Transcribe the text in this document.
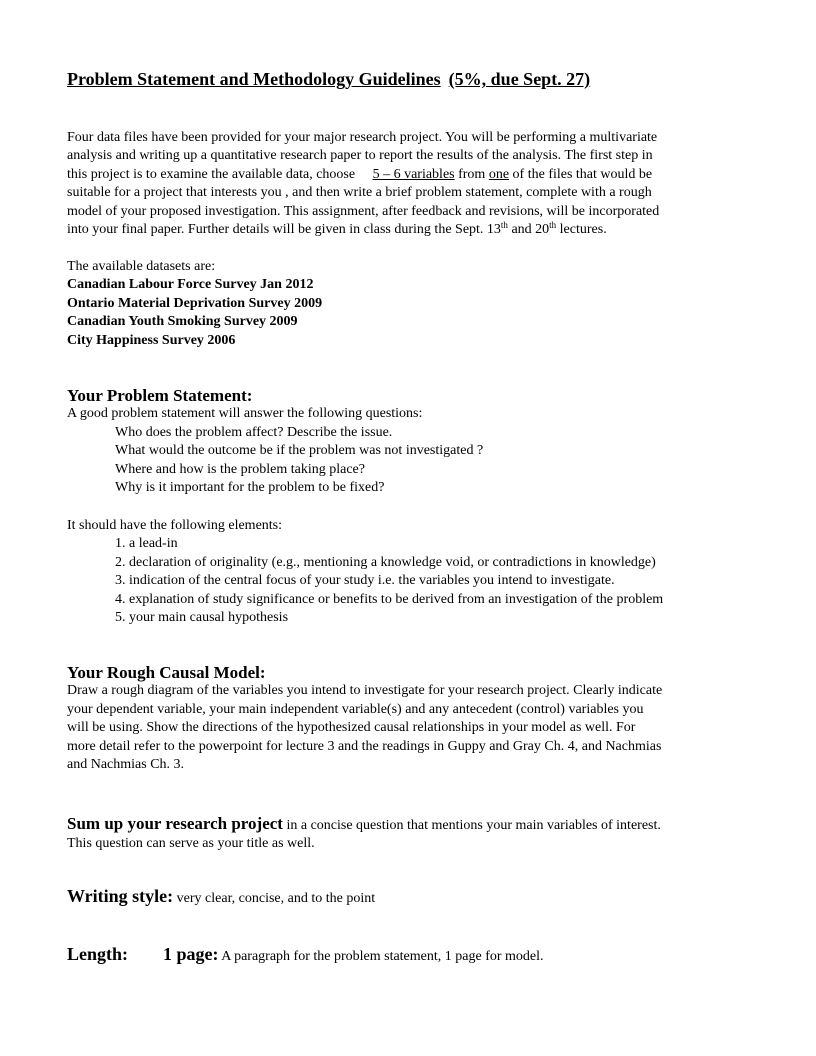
Problem Statement and Methodology Guidelines (5%, due Sept. 27)
Four data files have been provided for your major research project. You will be performing a multivariate
analysis and writing up a quantitative research paper to report the results of the analysis. The first step in
this project is to examine the available data, choose 5 – 6 variables from one of the files that would be
suitable for a project that interests you , and then write a brief problem statement, complete with a rough
model of your proposed investigation. This assignment, after feedback and revisions, will be incorporated
into your final paper. Further details will be given in class during the Sept. 13th and 20th lectures.
The available datasets are:
Canadian Labour Force Survey Jan 2012
Ontario Material Deprivation Survey 2009
Canadian Youth Smoking Survey 2009
City Happiness Survey 2006
Your Problem Statement:
A good problem statement will answer the following questions:
Who does the problem affect? Describe the issue.
What would the outcome be if the problem was not investigated ?
Where and how is the problem taking place?
Why is it important for the problem to be fixed?
It should have the following elements:
1. a lead-in
2. declaration of originality (e.g., mentioning a knowledge void, or contradictions in knowledge)
3. indication of the central focus of your study i.e. the variables you intend to investigate.
4. explanation of study significance or benefits to be derived from an investigation of the problem
5. your main causal hypothesis
Your Rough Causal Model:
Draw a rough diagram of the variables you intend to investigate for your research project. Clearly indicate
your dependent variable, your main independent variable(s) and any antecedent (control) variables you
will be using. Show the directions of the hypothesized causal relationships in your model as well. For
more detail refer to the powerpoint for lecture 3 and the readings in Guppy and Gray Ch. 4, and Nachmias
and Nachmias Ch. 3.
Sum up your research project in a concise question that mentions your main variables of interest.
This question can serve as your title as well.
Writing style: very clear, concise, and to the point
Length: 1 page: A paragraph for the problem statement, 1 page for model.
